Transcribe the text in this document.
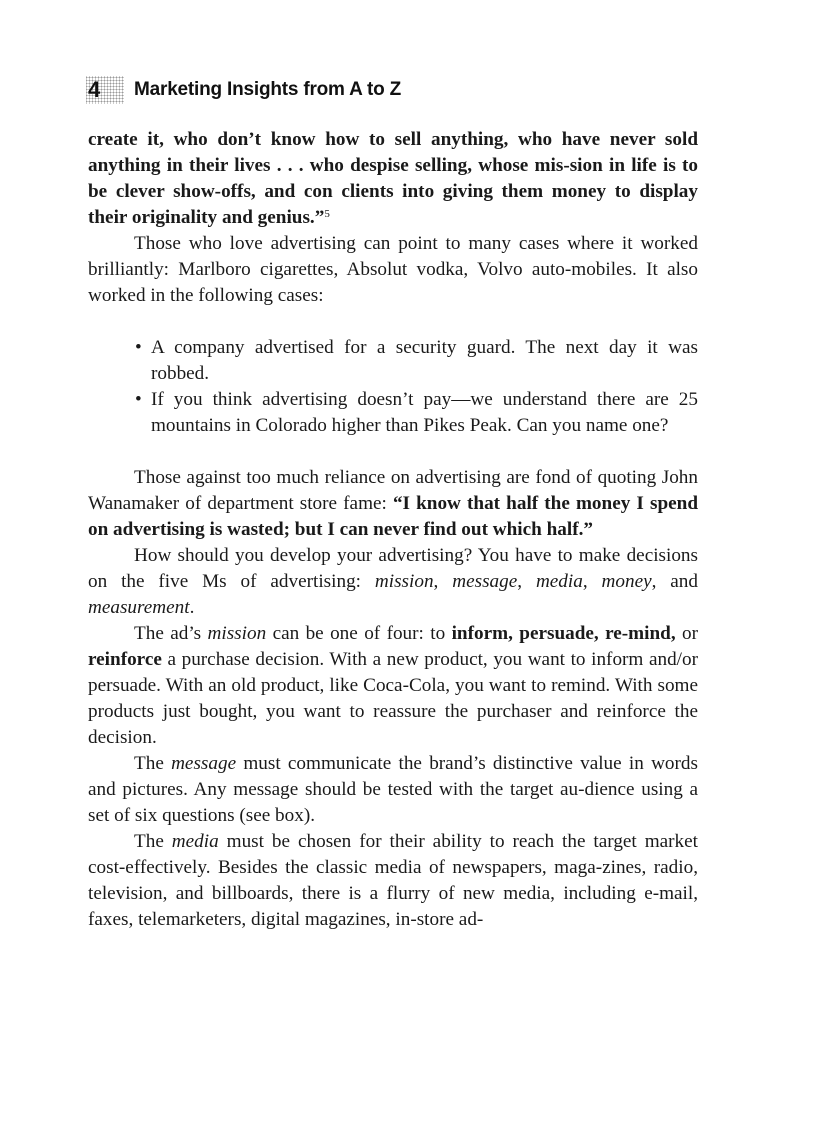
4	Marketing Insights from A to Z

create it, who don’t know how to sell anything, who have never sold anything in their lives . . . who despise selling, whose mis-sion in life is to be clever show-offs, and con clients into giving them money to display their originality and genius.”$^5$

Those who love advertising can point to many cases where it worked brilliantly: Marlboro cigarettes, Absolut vodka, Volvo auto-mobiles. It also worked in the following cases:

• A company advertised for a security guard. The next day it was robbed.
• If you think advertising doesn’t pay—we understand there are 25 mountains in Colorado higher than Pikes Peak. Can you name one?

Those against too much reliance on advertising are fond of quoting John Wanamaker of department store fame: “I know that half the money I spend on advertising is wasted; but I can never find out which half.”

How should you develop your advertising? You have to make decisions on the five Ms of advertising: mission, message, media, money, and measurement.

The ad’s mission can be one of four: to inform, persuade, re-mind, or reinforce a purchase decision. With a new product, you want to inform and/or persuade. With an old product, like Coca-Cola, you want to remind. With some products just bought, you want to reassure the purchaser and reinforce the decision.

The message must communicate the brand’s distinctive value in words and pictures. Any message should be tested with the target au-dience using a set of six questions (see box).

The media must be chosen for their ability to reach the target market cost-effectively. Besides the classic media of newspapers, maga-zines, radio, television, and billboards, there is a flurry of new media, including e-mail, faxes, telemarketers, digital magazines, in-store ad-
